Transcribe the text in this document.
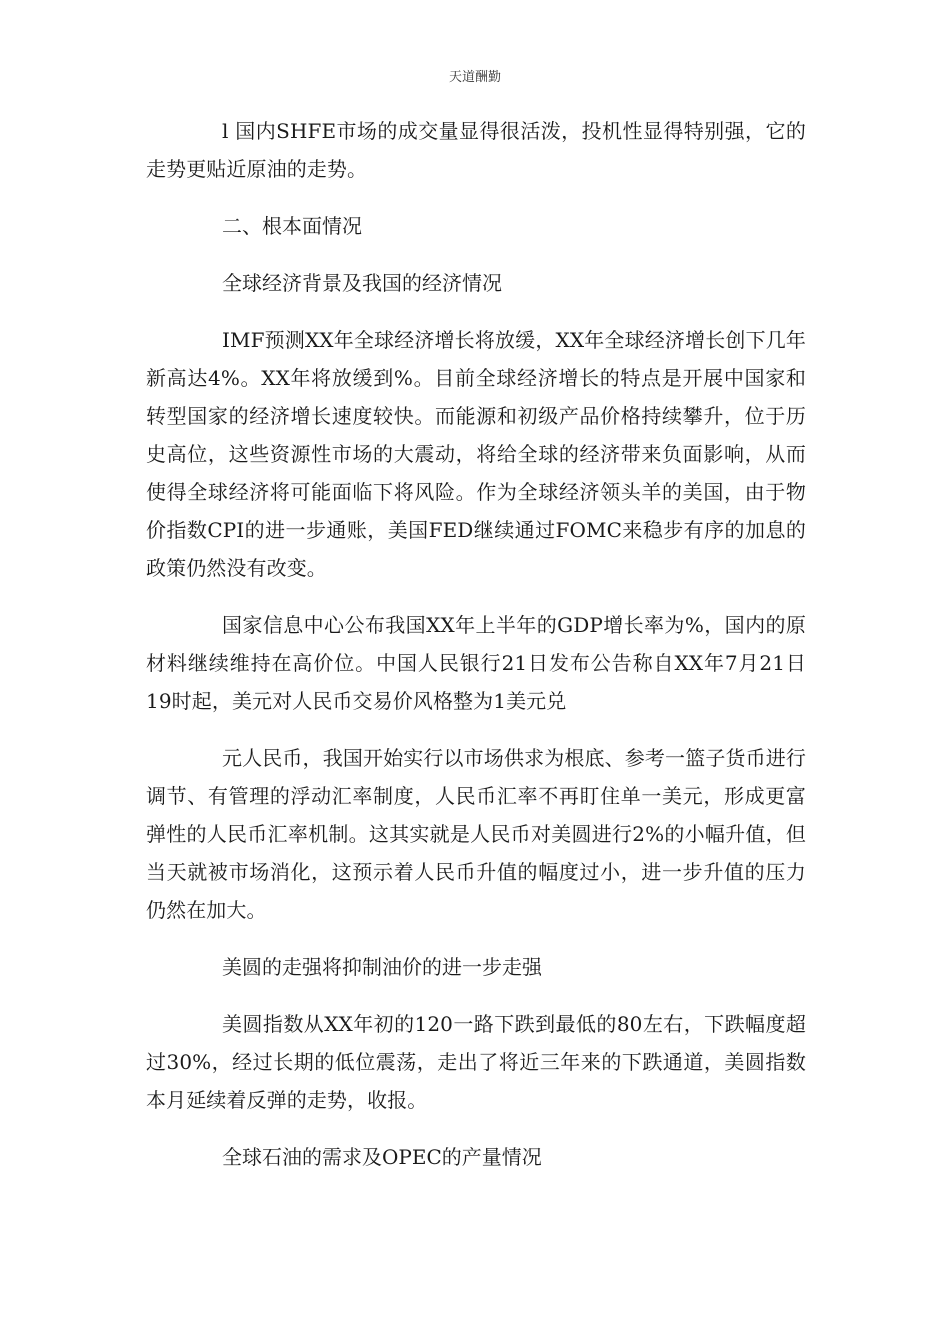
天道酬勤

l 国内SHFE市场的成交量显得很活泼，投机性显得特别强，它的走势更贴近原油的走势。

二、根本面情况

全球经济背景及我国的经济情况

IMF预测XX年全球经济增长将放缓，XX年全球经济增长创下几年新高达4%。XX年将放缓到%。目前全球经济增长的特点是开展中国家和转型国家的经济增长速度较快。而能源和初级产品价格持续攀升，位于历史高位，这些资源性市场的大震动，将给全球的经济带来负面影响，从而使得全球经济将可能面临下将风险。作为全球经济领头羊的美国，由于物价指数CPI的进一步通账，美国FED继续通过FOMC来稳步有序的加息的政策仍然没有改变。

国家信息中心公布我国XX年上半年的GDP增长率为%，国内的原材料继续维持在高价位。中国人民银行21日发布公告称自XX年7月21日19时起，美元对人民币交易价风格整为1美元兑

元人民币，我国开始实行以市场供求为根底、参考一篮子货币进行调节、有管理的浮动汇率制度，人民币汇率不再盯住单一美元，形成更富弹性的人民币汇率机制。这其实就是人民币对美圆进行2%的小幅升值，但当天就被市场消化，这预示着人民币升值的幅度过小，进一步升值的压力仍然在加大。

美圆的走强将抑制油价的进一步走强

美圆指数从XX年初的120一路下跌到最低的80左右，下跌幅度超过30%，经过长期的低位震荡，走出了将近三年来的下跌通道，美圆指数本月延续着反弹的走势，收报。

全球石油的需求及OPEC的产量情况
